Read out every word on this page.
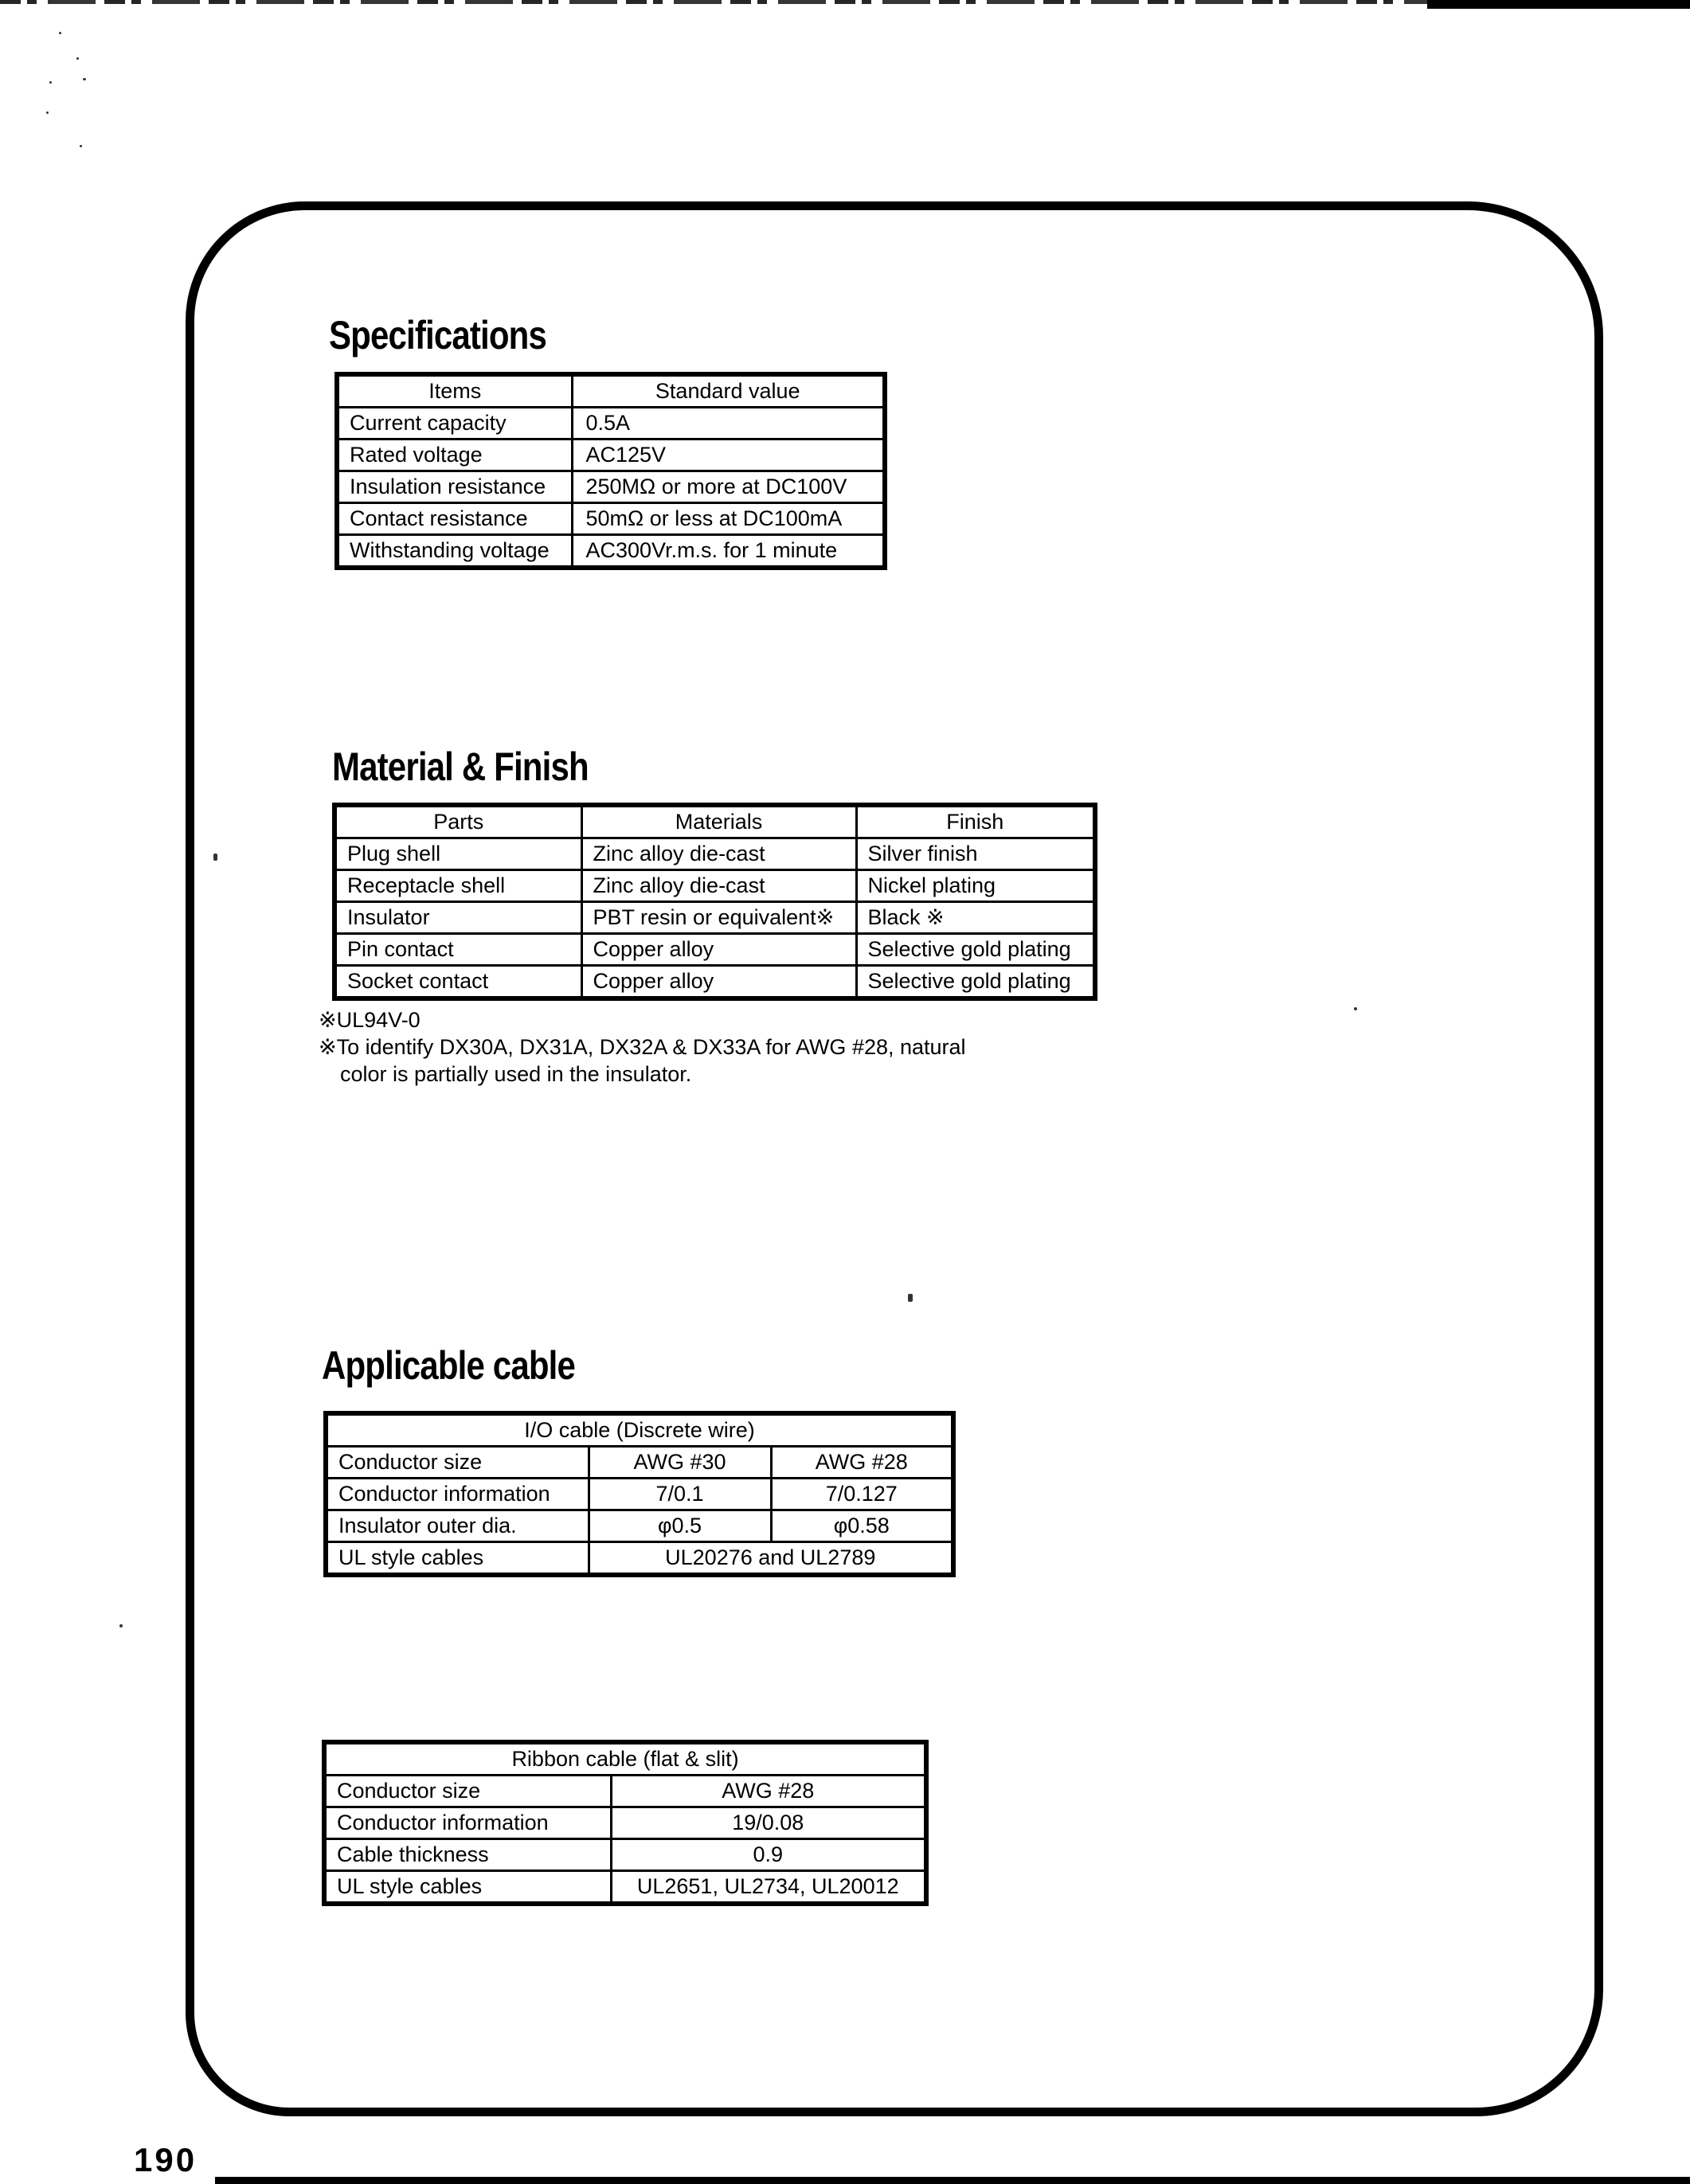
Specifications
Items	Standard value
Current capacity	0.5A
Rated voltage	AC125V
Insulation resistance	250MΩ or more at DC100V
Contact resistance	50mΩ or less at DC100mA
Withstanding voltage	AC300Vr.m.s. for 1 minute
Material & Finish
Parts	Materials	Finish
Plug shell	Zinc alloy die-cast	Silver finish
Receptacle shell	Zinc alloy die-cast	Nickel plating
Insulator	PBT resin or equivalent※	Black ※
Pin contact	Copper alloy	Selective gold plating
Socket contact	Copper alloy	Selective gold plating
※UL94V-0
※To identify DX30A, DX31A, DX32A & DX33A for AWG #28, natural
color is partially used in the insulator.
Applicable cable
I/O cable (Discrete wire)		
Conductor size	AWG #30	AWG #28
Conductor information	7/0.1	7/0.127
Insulator outer dia.	φ0.5	φ0.58
UL style cables	UL20276 and UL2789	
Ribbon cable (flat & slit)	
Conductor size	AWG #28
Conductor information	19/0.08
Cable thickness	0.9
UL style cables	UL2651, UL2734, UL20012
190
